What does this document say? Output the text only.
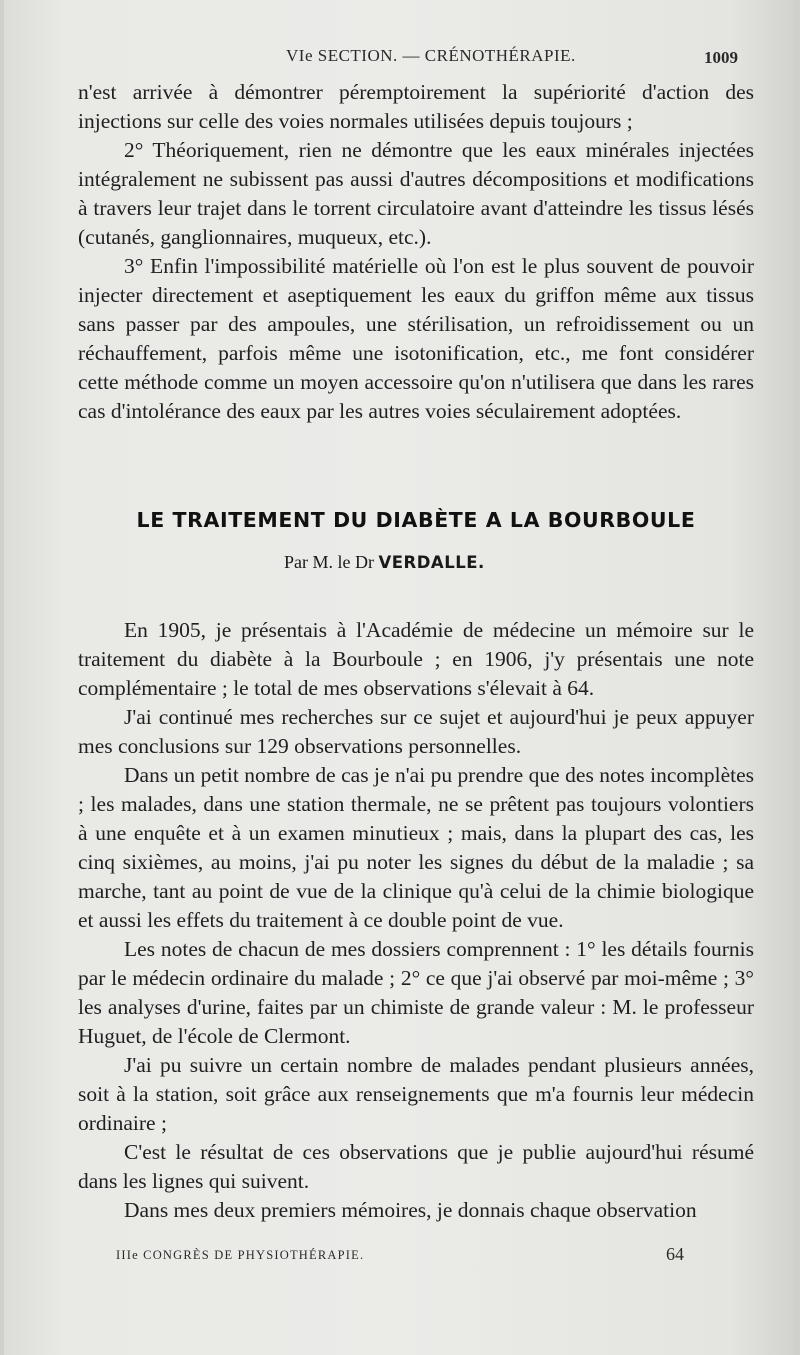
VIe SECTION. — CRÉNOTHÉRAPIE.	1009

n'est arrivée à démontrer péremptoirement la supériorité d'action des injections sur celle des voies normales utilisées depuis toujours ;

2° Théoriquement, rien ne démontre que les eaux minérales injectées intégralement ne subissent pas aussi d'autres décompositions et modifications à travers leur trajet dans le torrent circulatoire avant d'atteindre les tissus lésés (cutanés, ganglionnaires, muqueux, etc.).

3° Enfin l'impossibilité matérielle où l'on est le plus souvent de pouvoir injecter directement et aseptiquement les eaux du griffon même aux tissus sans passer par des ampoules, une stérilisation, un refroidissement ou un réchauffement, parfois même une isotonification, etc., me font considérer cette méthode comme un moyen accessoire qu'on n'utilisera que dans les rares cas d'intolérance des eaux par les autres voies séculairement adoptées.

LE TRAITEMENT DU DIABÈTE A LA BOURBOULE
Par M. le Dr VERDALLE.

En 1905, je présentais à l'Académie de médecine un mémoire sur le traitement du diabète à la Bourboule ; en 1906, j'y présentais une note complémentaire ; le total de mes observations s'élevait à 64.

J'ai continué mes recherches sur ce sujet et aujourd'hui je peux appuyer mes conclusions sur 129 observations personnelles.

Dans un petit nombre de cas je n'ai pu prendre que des notes incomplètes ; les malades, dans une station thermale, ne se prêtent pas toujours volontiers à une enquête et à un examen minutieux ; mais, dans la plupart des cas, les cinq sixièmes, au moins, j'ai pu noter les signes du début de la maladie ; sa marche, tant au point de vue de la clinique qu'à celui de la chimie biologique et aussi les effets du traitement à ce double point de vue.

Les notes de chacun de mes dossiers comprennent : 1° les détails fournis par le médecin ordinaire du malade ; 2° ce que j'ai observé par moi-même ; 3° les analyses d'urine, faites par un chimiste de grande valeur : M. le professeur Huguet, de l'école de Clermont.

J'ai pu suivre un certain nombre de malades pendant plusieurs années, soit à la station, soit grâce aux renseignements que m'a fournis leur médecin ordinaire ;

C'est le résultat de ces observations que je publie aujourd'hui résumé dans les lignes qui suivent.

Dans mes deux premiers mémoires, je donnais chaque observation

IIIe CONGRÈS DE PHYSIOTHÉRAPIE.	64
